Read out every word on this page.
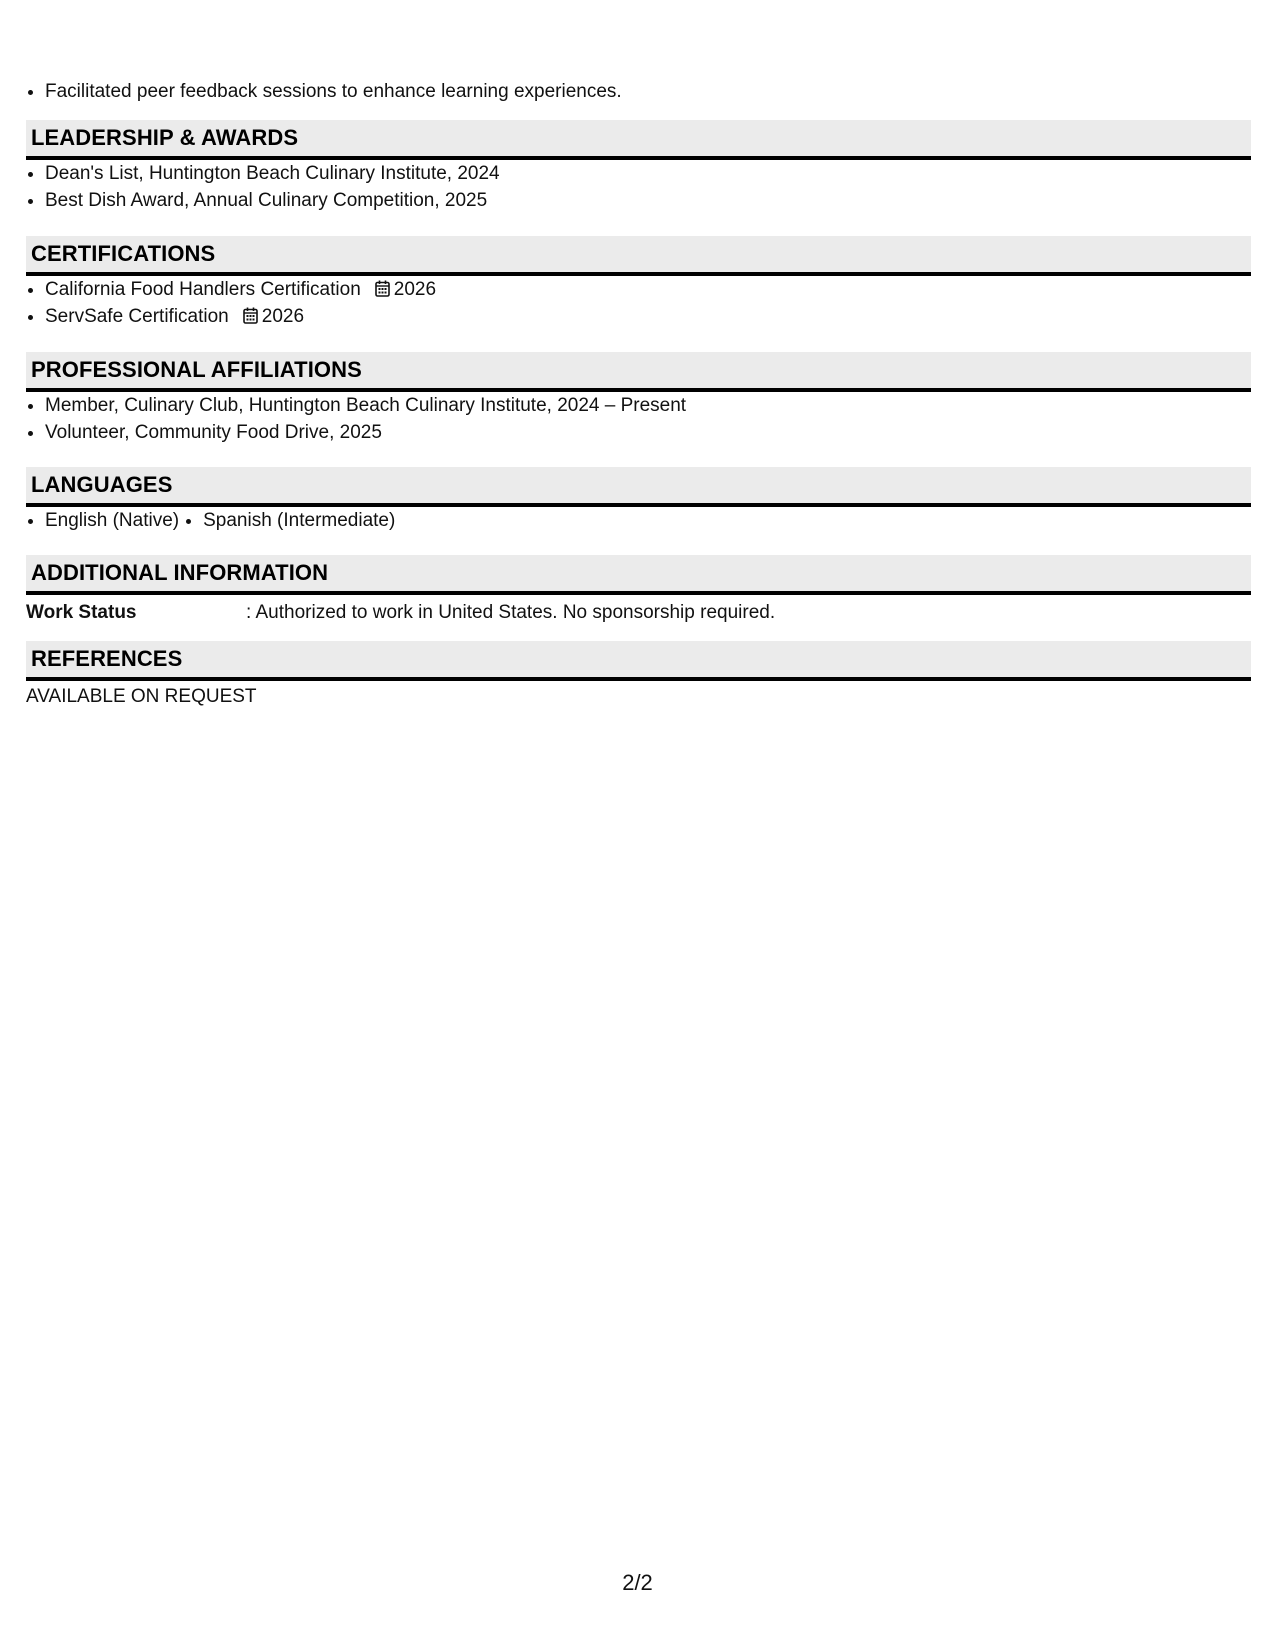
• Facilitated peer feedback sessions to enhance learning experiences.
LEADERSHIP & AWARDS
• Dean's List, Huntington Beach Culinary Institute, 2024
• Best Dish Award, Annual Culinary Competition, 2025
CERTIFICATIONS
• California Food Handlers Certification 2026
• ServSafe Certification 2026
PROFESSIONAL AFFILIATIONS
• Member, Culinary Club, Huntington Beach Culinary Institute, 2024 – Present
• Volunteer, Community Food Drive, 2025
LANGUAGES
• English (Native)
• Spanish (Intermediate)
ADDITIONAL INFORMATION
Work Status	: Authorized to work in United States. No sponsorship required.
REFERENCES
AVAILABLE ON REQUEST
2/2
